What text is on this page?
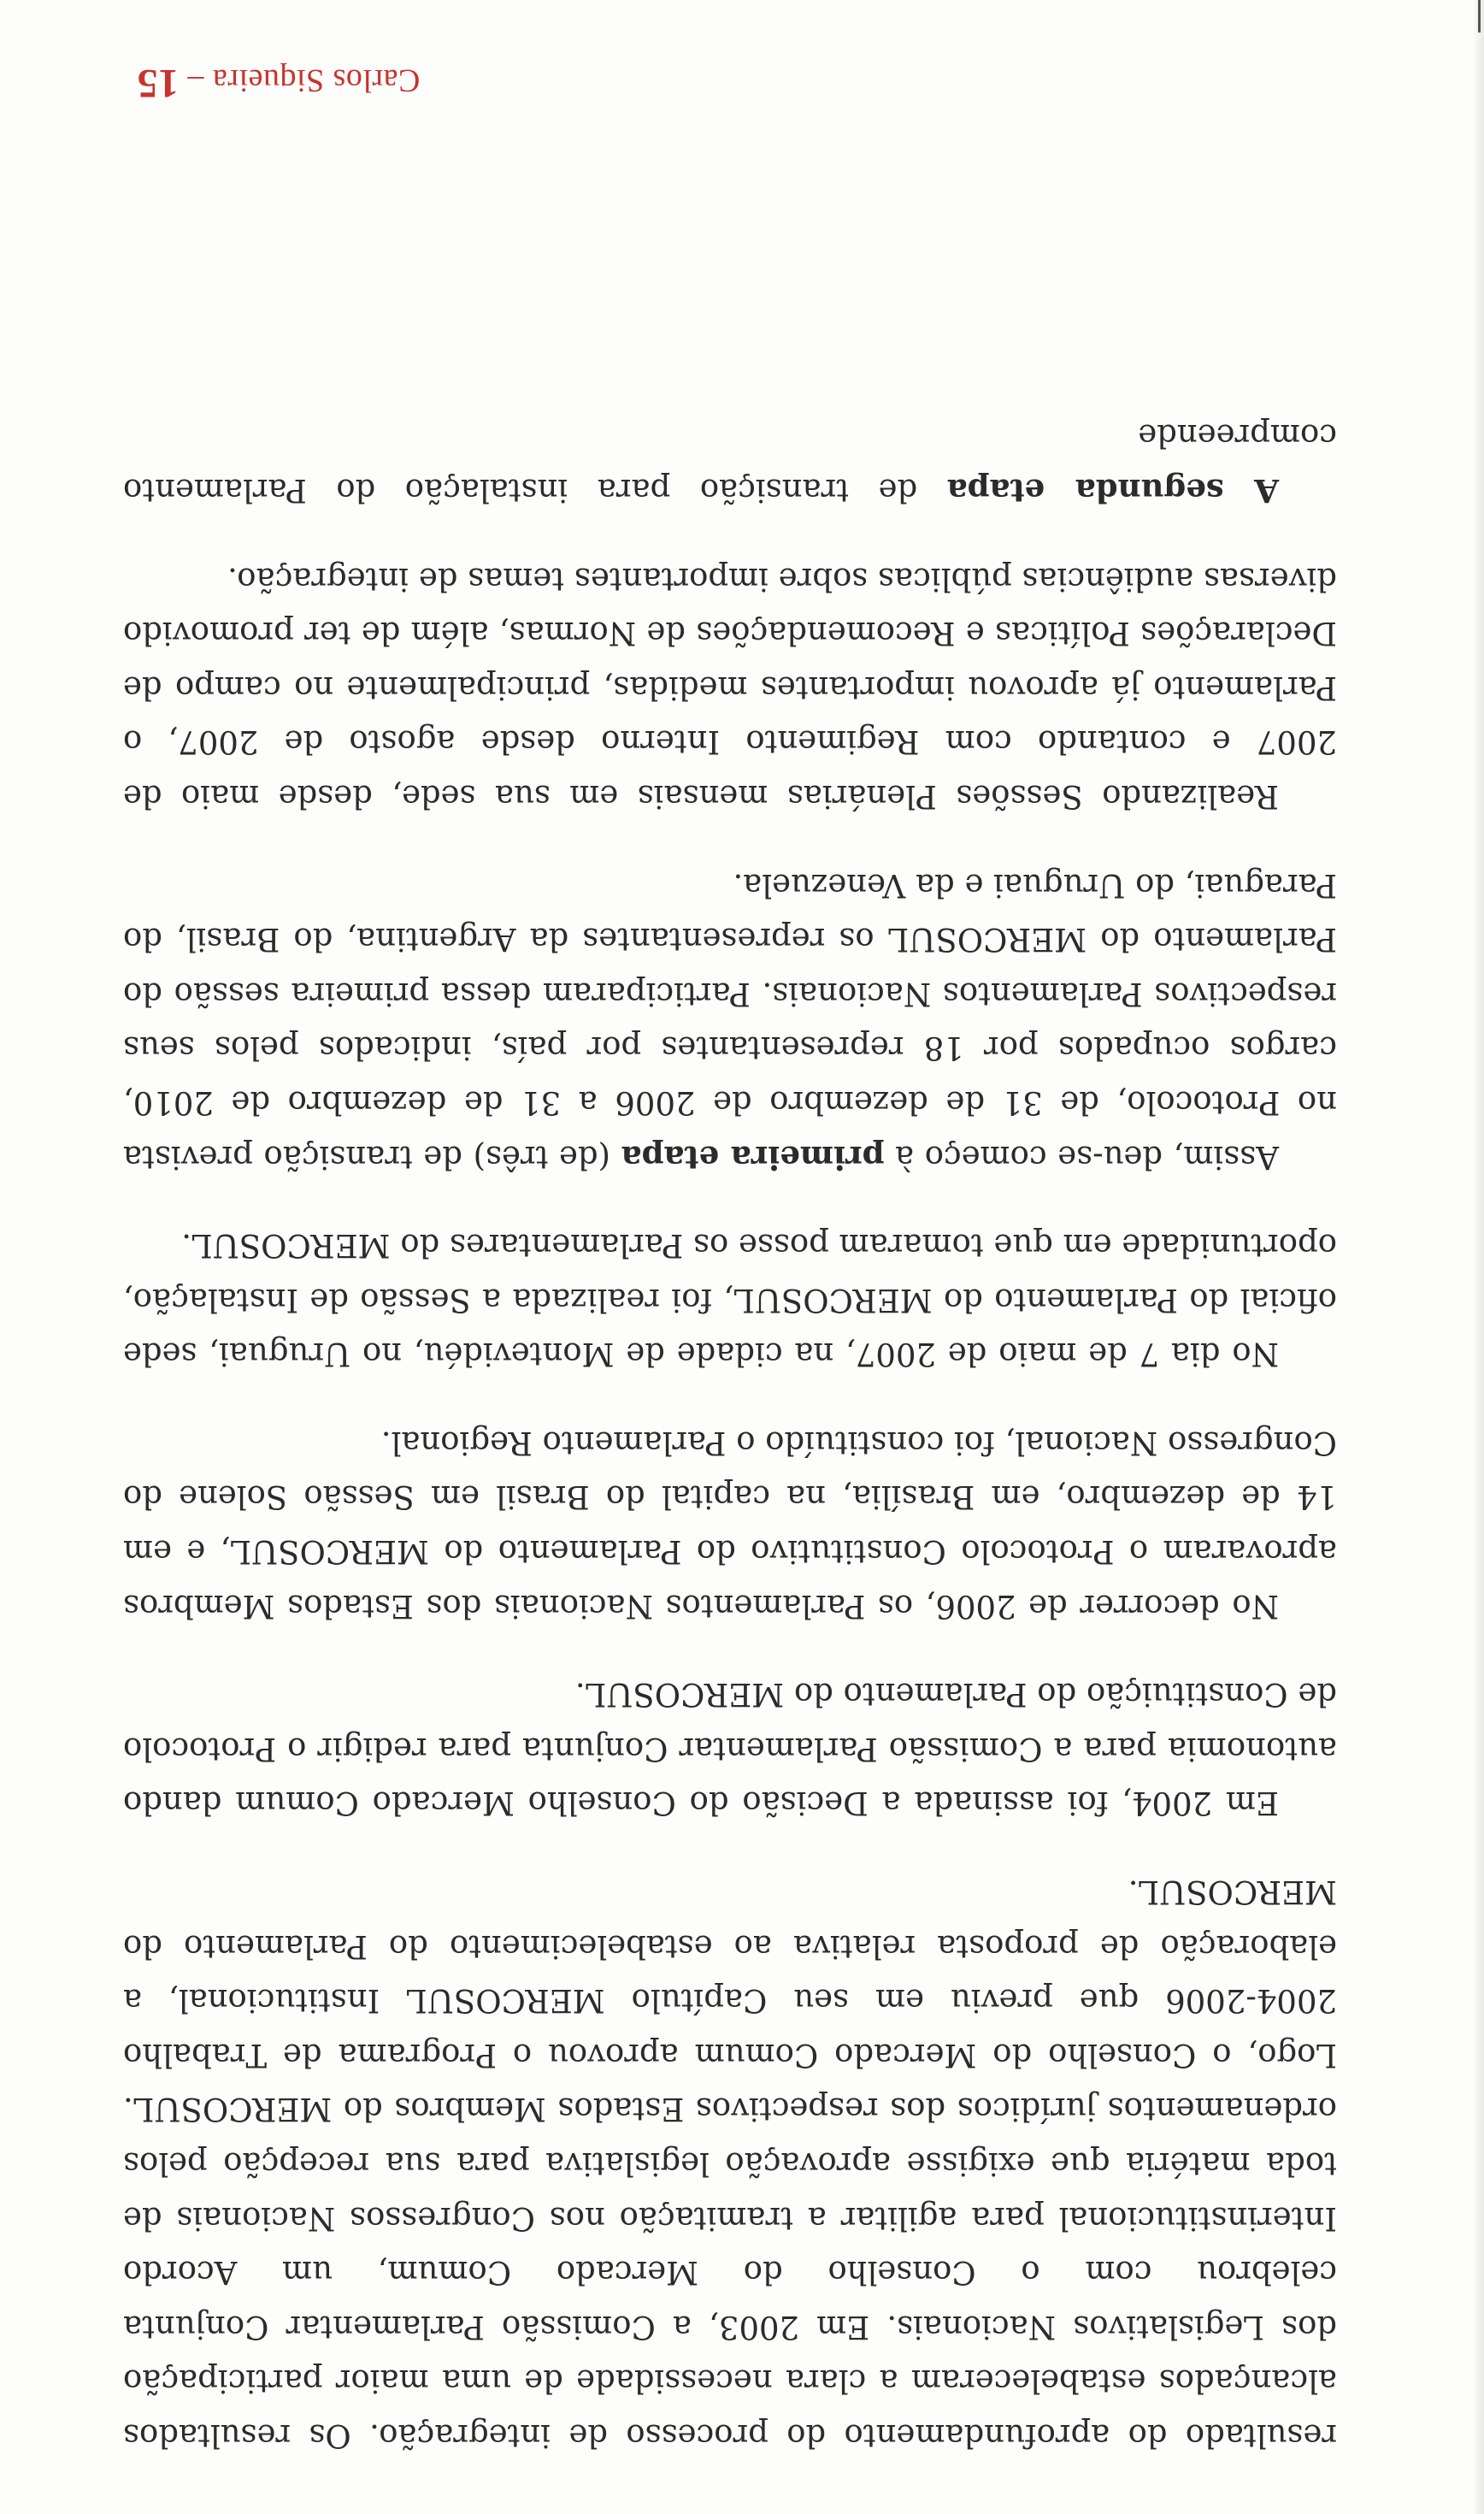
resultado do aprofundamento do processo de integração. Os resultados alcançados estabeleceram a clara necessidade de uma maior participação dos Legislativos Nacionais. Em 2003, a Comissão Parlamentar Conjunta celebrou com o Conselho do Mercado Comum, um Acordo Interinstitucional para agilitar a tramitação nos Congressos Nacionais de toda matéria que exigisse aprovação legislativa para sua recepção pelos ordenamentos jurídicos dos respectivos Estados Membros do MERCOSUL. Logo, o Conselho do Mercado Comum aprovou o Programa de Trabalho 2004-2006 que previu em seu Capítulo MERCOSUL Institucional, a elaboração de proposta relativa ao estabelecimento do Parlamento do MERCOSUL.

Em 2004, foi assinada a Decisão do Conselho Mercado Comum dando autonomia para a Comissão Parlamentar Conjunta para redigir o Protocolo de Constituição do Parlamento do MERCOSUL.

No decorrer de 2006, os Parlamentos Nacionais dos Estados Membros aprovaram o Protocolo Constitutivo do Parlamento do MERCOSUL, e em 14 de dezembro, em Brasília, na capital do Brasil em Sessão Solene do Congresso Nacional, foi constituído o Parlamento Regional.

No dia 7 de maio de 2007, na cidade de Montevidéu, no Uruguai, sede oficial do Parlamento do MERCOSUL, foi realizada a Sessão de Instalação, oportunidade em que tomaram posse os Parlamentares do MERCOSUL.

Assim, deu-se começo à primeira etapa (de três) de transição prevista no Protocolo, de 31 de dezembro de 2006 a 31 de dezembro de 2010, cargos ocupados por 18 representantes por país, indicados pelos seus respectivos Parlamentos Nacionais. Participaram dessa primeira sessão do Parlamento do MERCOSUL os representantes da Argentina, do Brasil, do Paraguai, do Uruguai e da Venezuela.

Realizando Sessões Plenárias mensais em sua sede, desde maio de 2007 e contando com Regimento Interno desde agosto de 2007, o Parlamento já aprovou importantes medidas, principalmente no campo de Declarações Políticas e Recomendações de Normas, além de ter promovido diversas audiências públicas sobre importantes temas de integração.

A segunda etapa de transição para instalação do Parlamento compreende

Carlos Siqueira – 15
